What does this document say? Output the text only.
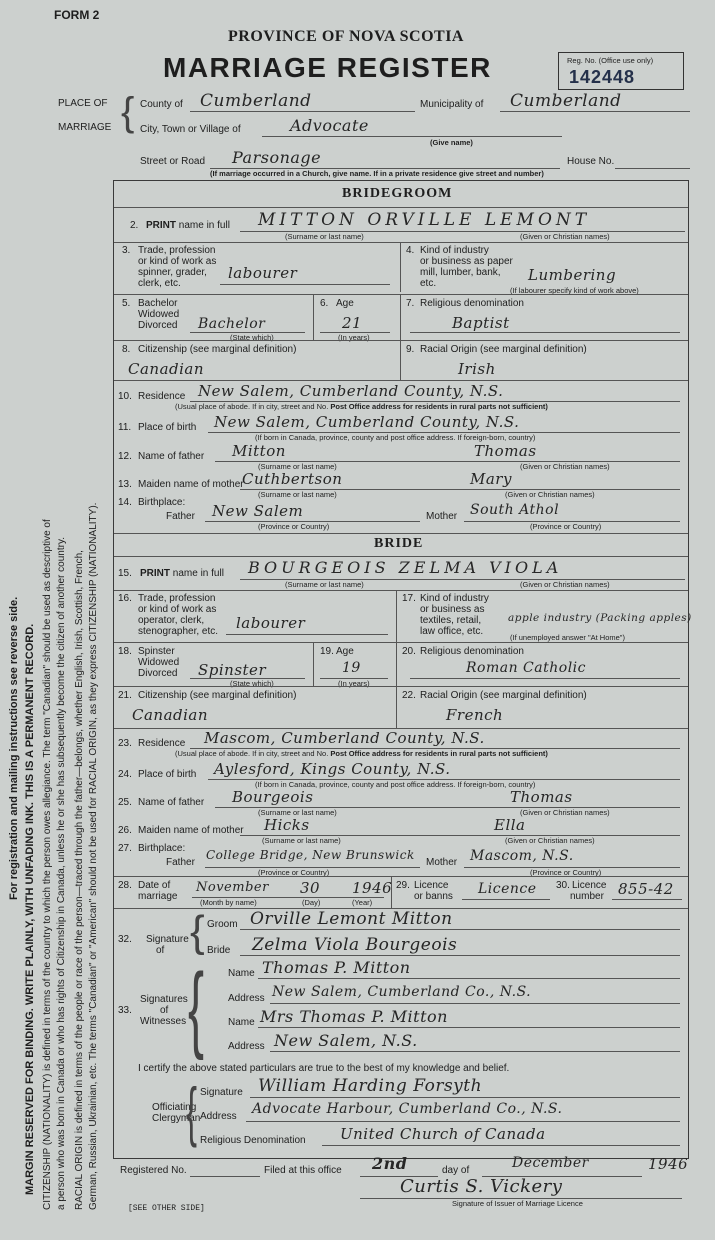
FORM 2
PROVINCE OF NOVA SCOTIA
MARRIAGE REGISTER	Reg. No. (Office use only)
142448
For registration and mailing instructions see reverse side. MARGIN RESERVED FOR BINDING. WRITE PLAINLY, WITH UNFADING INK. THIS IS A PERMANENT RECORD. CITIZENSHIP (NATIONALITY) is defined in terms of the country to which the person owes allegiance. The term "Canadian" should be used as descriptive of a person who was born in Canada or who has rights of Citizenship in Canada, unless he or she has subsequently become the citizen of another country. RACIAL ORIGIN is defined in terms of the people or race of the person—traced through the father—belongs, whether English, Irish, Scottish, French, German, Russian, Ukrainian, etc. The terms "Canadian" or "American" should not be used for RACIAL ORIGIN, as they express CITIZENSHIP (NATIONALITY).
PLACE OF
MARRIAGE { County of Cumberland	Municipality of Cumberland
City, Town or Village of	Advocate
(Give name)
Street or Road Parsonage	House No.
(If marriage occurred in a Church, give name. If in a private residence give street and number)
BRIDEGROOM
2. PRINT name in full MITTON ORVILLE LEMONT
(Surname or last name)	(Given or Christian names)
3. Trade, profession
or kind of work as
spinner, grader,
clerk, etc.
labourer
4. Kind of industry
or business as paper
mill, lumber, bank,
etc.	Lumbering
(If labourer specify kind of work above)
5. Bachelor
Widowed
Divorced Bachelor
(State which)
6. Age
21
(In years)
7. Religious denomination
Baptist
8. Citizenship (see marginal definition)
Canadian
9. Racial Origin (see marginal definition)
Irish
10. Residence New Salem, Cumberland County, N.S.
(Usual place of abode. If in city, street and No. Post Office address for residents in rural parts not sufficient)
11. Place of birth New Salem, Cumberland County, N.S.
(If born in Canada, province, county and post office address. If foreign-born, country)
12. Name of father Mitton	Thomas
(Surname or last name)	(Given or Christian names)
13. Maiden name of mother
Cuthbertson	Mary
(Surname or last name)	(Given or Christian names)
14. Birthplace:
Father New Salem
(Province or Country)
Mother South Athol
(Province or Country)
BRIDE
15. PRINT name in full BOURGEOIS ZELMA VIOLA
(Surname or last name)	(Given or Christian names)
16. Trade, profession
or kind of work as
operator, clerk,
stenographer, etc. labourer
17. Kind of industry
or business as
textiles, retail,
law office, etc.
apple industry (Packing apples)
(If unemployed answer "At Home")
18. Spinster
Widowed
Divorced Spinster
(State which)
19. Age
19
(In years)
20. Religious denomination
Roman Catholic
21. Citizenship (see marginal definition)
Canadian
22. Racial Origin (see marginal definition)
French
23. Residence Mascom, Cumberland County, N.S.
(Usual place of abode. If in city, street and No. Post Office address for residents in rural parts not sufficient)
24. Place of birth Aylesford, Kings County, N.S.
(If born in Canada, province, county and post office address. If foreign-born, country)
25. Name of father Bourgeois	Thomas
(Surname or last name)	(Given or Christian names)
26. Maiden name of mother Hicks	Ella
(Surname or last name)	(Given or Christian names)
27. Birthplace:
Father
College Bridge, New Brunswick
(Province or Country)
Mother Mascom, N.S.
(Province or Country)
28. Date of
marriage
November 30 1946
(Month by name)	(Day)	(Year)
29. Licence
or banns Licence 30. Licence
number 855-42
32. Signature
of { Groom Orville Lemont Mitton
Bride Zelma Viola Bourgeois
33.
Signatures
of
Witnesses { Name Thomas P. Mitton
Address New Salem, Cumberland Co., N.S.
Name Mrs Thomas P. Mitton
Address New Salem, N.S.
I certify the above stated particulars are true to the best of my knowledge and belief.
Officiating
Clergyman
{ Signature William Harding Forsyth
Address Advocate Harbour, Cumberland Co., N.S.
Religious Denomination United Church of Canada
Registered No.	Filed at this office 2nd	day of	December	1946
Curtis S. Vickery
Signature of Issuer of Marriage Licence
[SEE OTHER SIDE]
